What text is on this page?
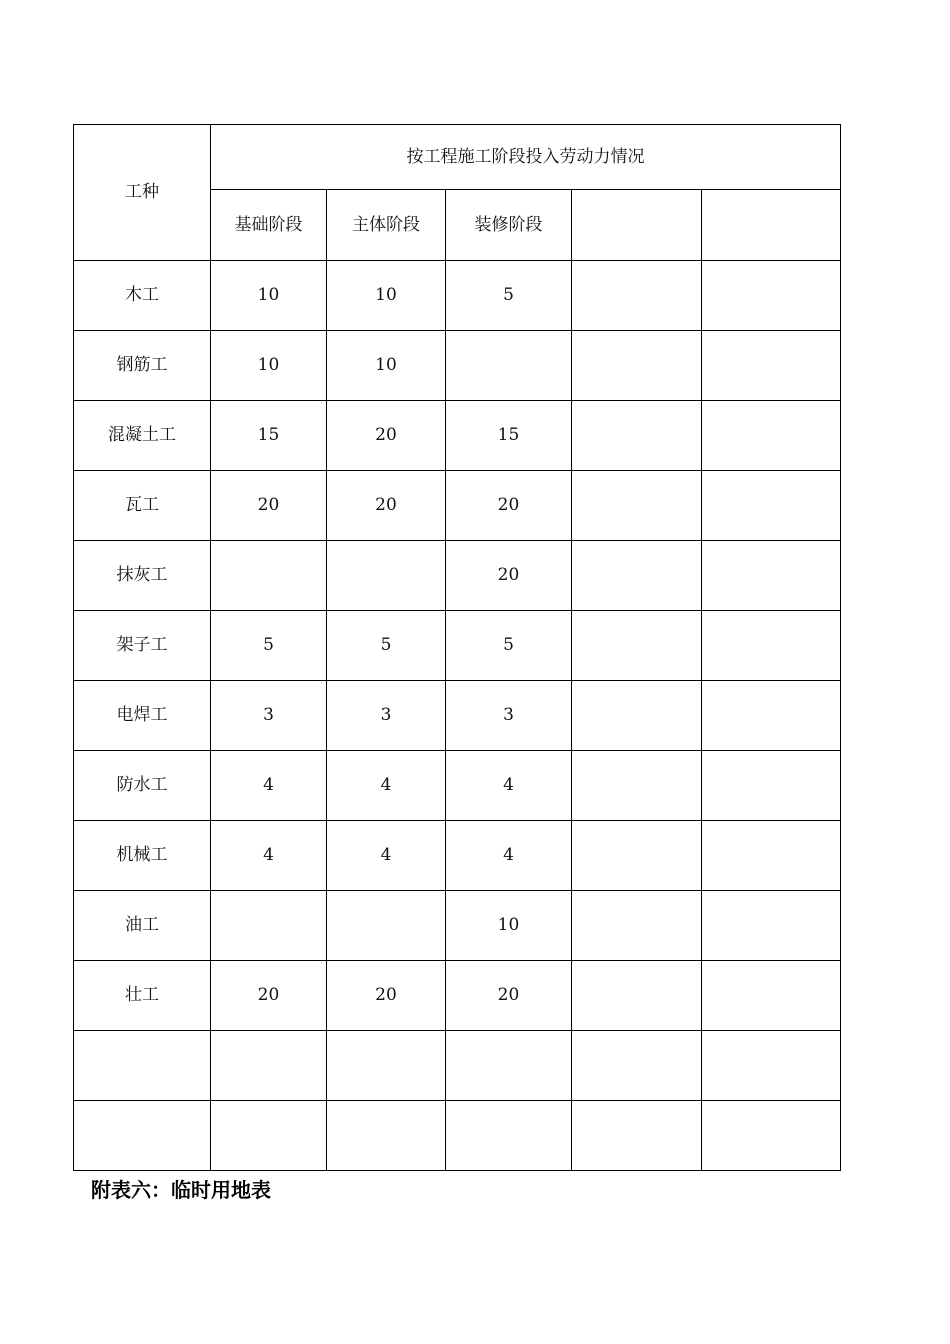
工种	按工程施工阶段投入劳动力情况				
	基础阶段	主体阶段	装修阶段		
木工	10	10	5		
钢筋工	10	10			
混凝土工	15	20	15		
瓦工	20	20	20		
抹灰工			20		
架子工	5	5	5		
电焊工	3	3	3		
防水工	4	4	4		
机械工	4	4	4		
油工			10		
壮工	20	20	20		

附表六：临时用地表
